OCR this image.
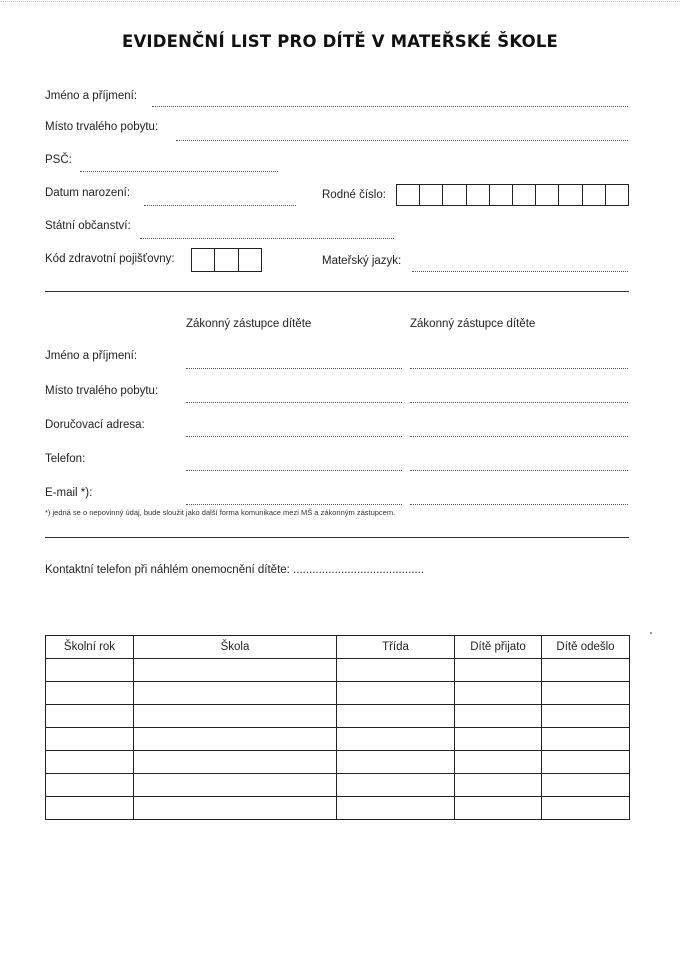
EVIDENČNÍ LIST PRO DÍTĚ V MATEŘSKÉ ŠKOLE
Jméno a příjmení:
Místo trvalého pobytu:
PSČ:
Datum narození:	Rodné číslo:
Státní občanství:
Kód zdravotní pojišťovny:	Mateřský jazyk:
Zákonný zástupce dítěte	Zákonný zástupce dítěte
Jméno a příjmení:
Místo trvalého pobytu:
Doručovací adresa:
Telefon:
E-mail *):
*) jedná se o nepovinný údaj, bude sloužit jako další forma komunikace mezi MŠ a zákonným zástupcem.
Kontaktní telefon při náhlém onemocnění dítěte: .........................................
Školní rok	Škola	Třída	Dítě přijato	Dítě odešlo
